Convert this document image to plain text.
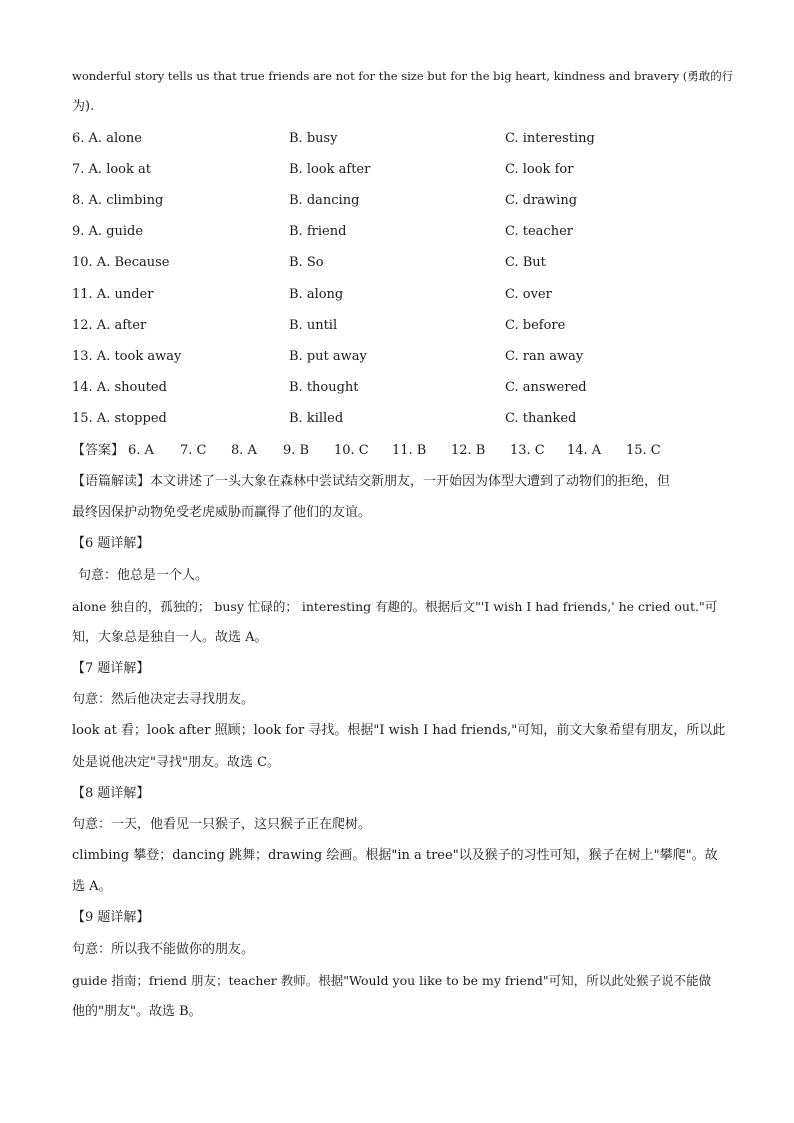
wonderful story tells us that true friends are not for the size but for the big heart, kindness and bravery (勇敢的行
为).
6. A. alone	B. busy	C. interesting
7. A. look at	B. look after	C. look for
8. A. climbing	B. dancing	C. drawing
9. A. guide	B. friend	C. teacher
10. A. Because	B. So	C. But
11. A. under	B. along	C. over
12. A. after	B. until	C. before
13. A. took away	B. put away	C. ran away
14. A. shouted	B. thought	C. answered
15. A. stopped	B. killed	C. thanked
【答案】 6. A 7. C 8. A 9. B 10. C 11. B 12. B 13. C 14. A 15. C
【语篇解读】本文讲述了一头大象在森林中尝试结交新朋友，一开始因为体型大遭到了动物们的拒绝，但
最终因保护动物免受老虎威胁而赢得了他们的友谊。
【6 题详解】
句意：他总是一个人。
alone 独自的，孤独的； busy 忙碌的； interesting 有趣的。根据后文"'I wish I had friends,' he cried out."可
知，大象总是独自一人。故选 A。
【7 题详解】
句意：然后他决定去寻找朋友。
look at 看；look after 照顾；look for 寻找。根据"I wish I had friends,"可知，前文大象希望有朋友，所以此
处是说他决定"寻找"朋友。故选 C。
【8 题详解】
句意：一天，他看见一只猴子，这只猴子正在爬树。
climbing 攀登；dancing 跳舞；drawing 绘画。根据"in a tree"以及猴子的习性可知，猴子在树上"攀爬"。故
选 A。
【9 题详解】
句意：所以我不能做你的朋友。
guide 指南；friend 朋友；teacher 教师。根据"Would you like to be my friend"可知，所以此处猴子说不能做
他的"朋友"。故选 B。
